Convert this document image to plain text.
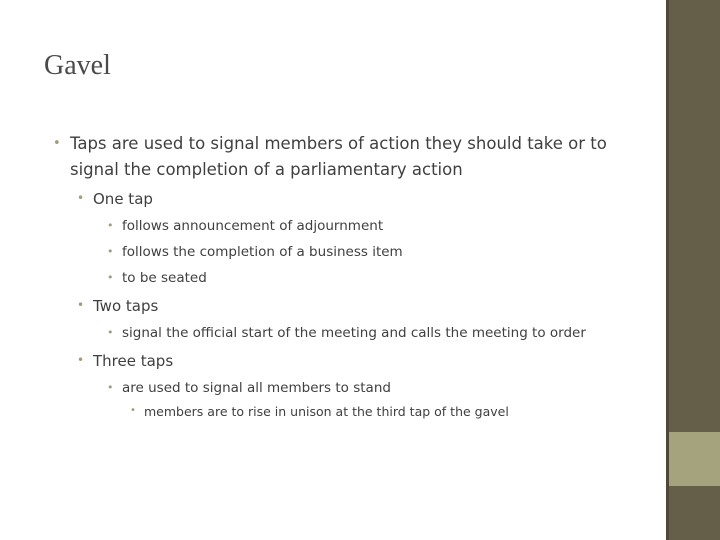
Gavel
• Taps are used to signal members of action they should take or to signal the completion of a parliamentary action
• One tap
• follows announcement of adjournment
• follows the completion of a business item
• to be seated
• Two taps
• signal the official start of the meeting and calls the meeting to order
• Three taps
• are used to signal all members to stand
• members are to rise in unison at the third tap of the gavel
